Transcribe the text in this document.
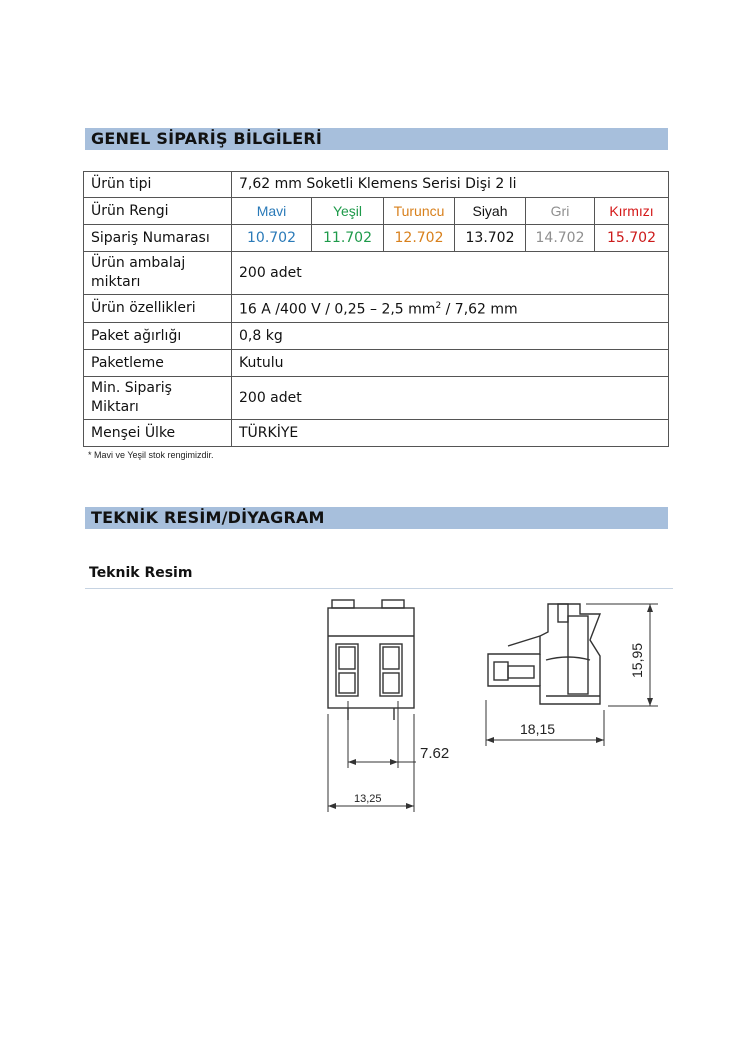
GENEL SİPARİŞ BİLGİLERİ
Ürün tipi	7,62 mm Soketli Klemens Serisi Dişi 2 li					
Ürün Rengi	Mavi	Yeşil	Turuncu	Siyah	Gri	Kırmızı
Sipariş Numarası	10.702	11.702	12.702	13.702	14.702	15.702
Ürün ambalaj miktarı	200 adet					
Ürün özellikleri	16 A /400 V / 0,25 – 2,5 $mm^2 / 7,62$ mm					
Paket ağırlığı	0,8 kg					
Paketleme	Kutulu					
Min. Sipariş Miktarı	200 adet					
Menşei Ülke	TÜRKİYE					
* Mavi ve Yeşil stok rengimizdir.
TEKNİK RESİM/DİYAGRAM
Teknik Resim
7.62
13,25
18,15
15,95
